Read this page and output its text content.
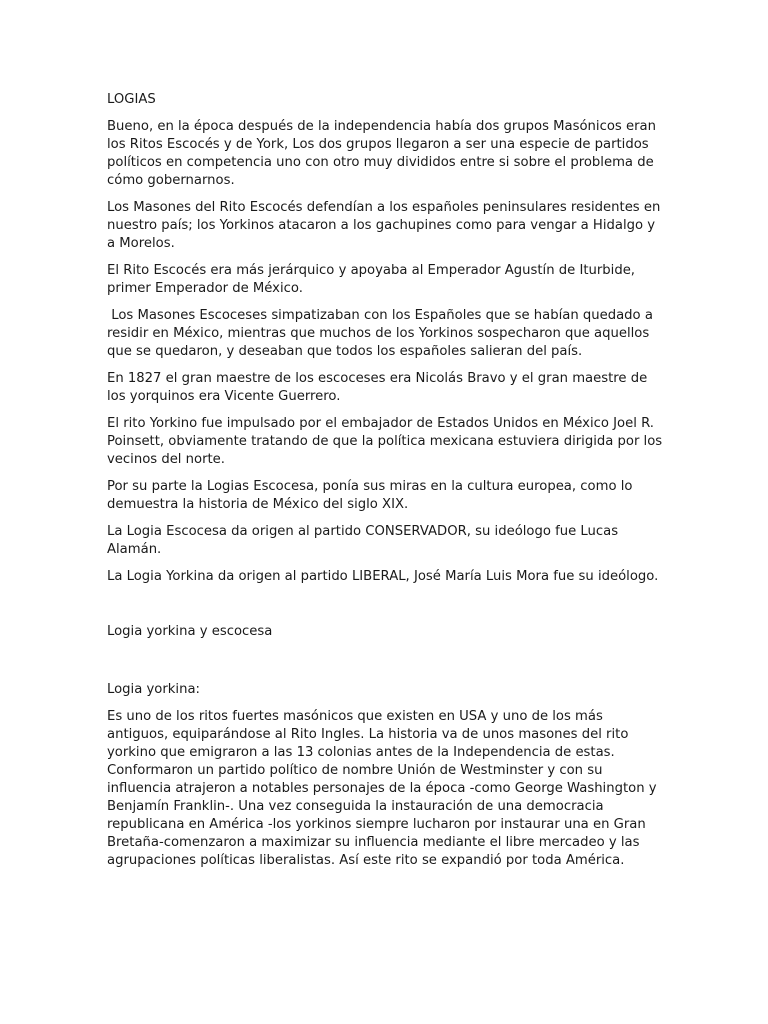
LOGIAS

Bueno, en la época después de la independencia había dos grupos Masónicos eran los Ritos Escocés y de York, Los dos grupos llegaron a ser una especie de partidos políticos en competencia uno con otro muy divididos entre si sobre el problema de cómo gobernarnos.

Los Masones del Rito Escocés defendían a los españoles peninsulares residentes en nuestro país; los Yorkinos atacaron a los gachupines como para vengar a Hidalgo y a Morelos.

El Rito Escocés era más jerárquico y apoyaba al Emperador Agustín de Iturbide, primer Emperador de México.

Los Masones Escoceses simpatizaban con los Españoles que se habían quedado a residir en México, mientras que muchos de los Yorkinos sospecharon que aquellos que se quedaron, y deseaban que todos los españoles salieran del país.

En 1827 el gran maestre de los escoceses era Nicolás Bravo y el gran maestre de los yorquinos era Vicente Guerrero.

El rito Yorkino fue impulsado por el embajador de Estados Unidos en México Joel R. Poinsett, obviamente tratando de que la política mexicana estuviera dirigida por los vecinos del norte.

Por su parte la Logias Escocesa, ponía sus miras en la cultura europea, como lo demuestra la historia de México del siglo XIX.

La Logia Escocesa da origen al partido CONSERVADOR, su ideólogo fue Lucas Alamán.

La Logia Yorkina da origen al partido LIBERAL, José María Luis Mora fue su ideólogo.

Logia yorkina y escocesa

Logia yorkina:

Es uno de los ritos fuertes masónicos que existen en USA y uno de los más antiguos, equiparándose al Rito Ingles. La historia va de unos masones del rito yorkino que emigraron a las 13 colonias antes de la Independencia de estas. Conformaron un partido político de nombre Unión de Westminster y con su influencia atrajeron a notables personajes de la época -como George Washington y Benjamín Franklin-. Una vez conseguida la instauración de una democracia republicana en América -los yorkinos siempre lucharon por instaurar una en Gran Bretaña-comenzaron a maximizar su influencia mediante el libre mercadeo y las agrupaciones políticas liberalistas. Así este rito se expandió por toda América.
